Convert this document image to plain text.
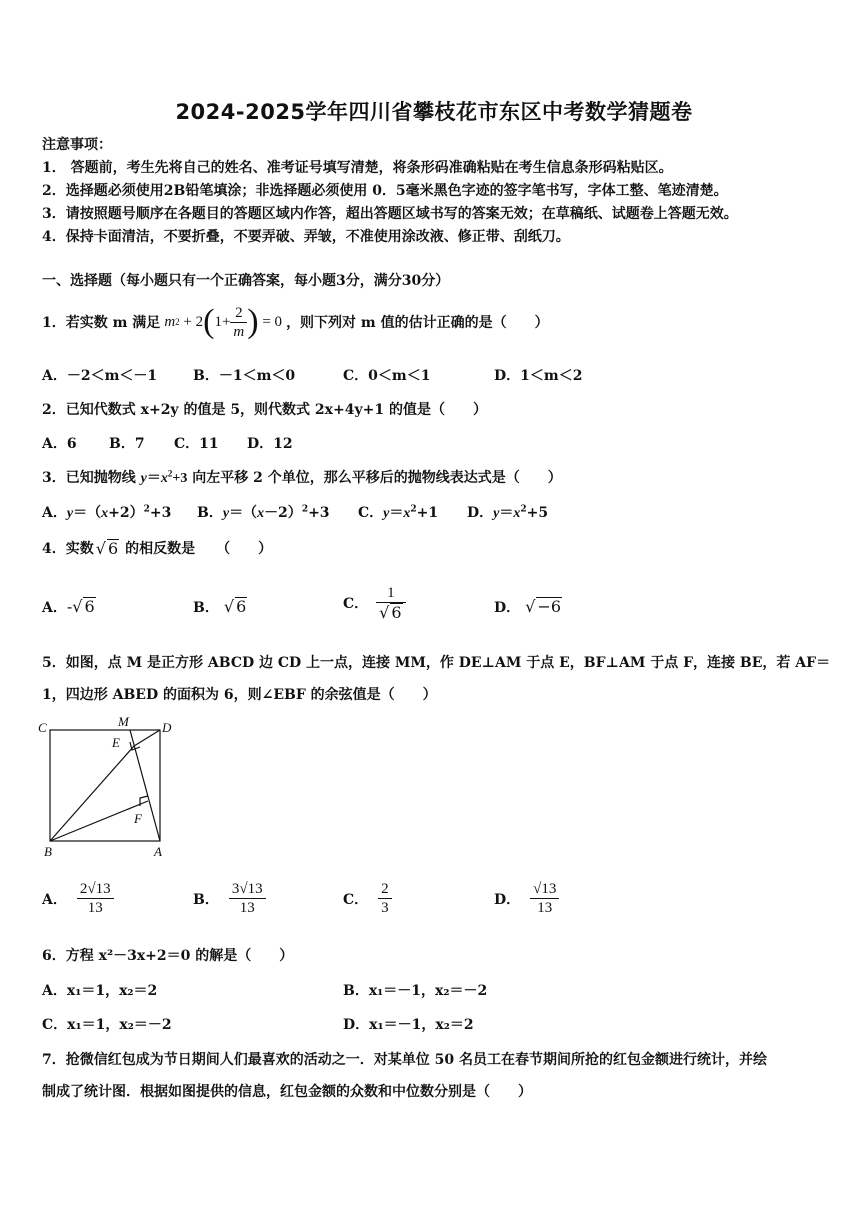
2024-2025学年四川省攀枝花市东区中考数学猜题卷
注意事项：
1． 答题前，考生先将自己的姓名、准考证号填写清楚，将条形码准确粘贴在考生信息条形码粘贴区。
2．选择题必须使用2B铅笔填涂；非选择题必须使用 0．5毫米黑色字迹的签字笔书写，字体工整、笔迹清楚。
3．请按照题号顺序在各题目的答题区域内作答，超出答题区域书写的答案无效；在草稿纸、试题卷上答题无效。
4．保持卡面清洁，不要折叠，不要弄破、弄皱，不准使用涂改液、修正带、刮纸刀。
一、选择题（每小题只有一个正确答案，每小题3分，满分30分）
1．若实数 m 满足 m 2 + 2 ( $1+ \frac{2}{m}$ ) = 0 ，则下列对 m 值的估计正确的是（　　）
A．－2＜m＜－1	B．－1＜m＜0	C．0＜m＜1	D．1＜m＜2
2．已知代数式 x+2y 的值是 5，则代数式 2x+4y+1 的值是（　　）
A．6 B．7 C．11 D．12
3．已知抛物线 $y=x^2+3$ 向左平移 2 个单位，那么平移后的抛物线表达式是（　　）
A．$y=(x+2)^2+3$ B．$y=(x-2)^2+3$ C．$y=x^2+1$ D．$y=x^2+5$
4．实数 √ 6 的相反数是　　（　　）
A．-√ 6	B． √ 6	C． $\frac{1}{√ 6}$	D． √ −6
5．如图，点 M 是正方形 ABCD 边 CD 上一点，连接 MM，作 DE⊥AM 于点 E，BF⊥AM 于点 F，连接 BE，若 AF＝
1，四边形 ABED 的面积为 6，则∠EBF 的余弦值是（　　）
C	M	D
E
F
B	A
A． $\frac{2√13}{13}$	B． $\frac{3√13}{13}$	C． $\frac{2}{3}$	D． $\frac{√13}{13}$
6．方程 x²－3x+2＝0 的解是（　　）
A．x₁＝1，x₂＝2	B．x₁＝－1，x₂＝－2
C．x₁＝1，x₂＝－2	D．x₁＝－1，x₂＝2
7．抢微信红包成为节日期间人们最喜欢的活动之一．对某单位 50 名员工在春节期间所抢的红包金额进行统计，并绘
制成了统计图．根据如图提供的信息，红包金额的众数和中位数分别是（　　）
